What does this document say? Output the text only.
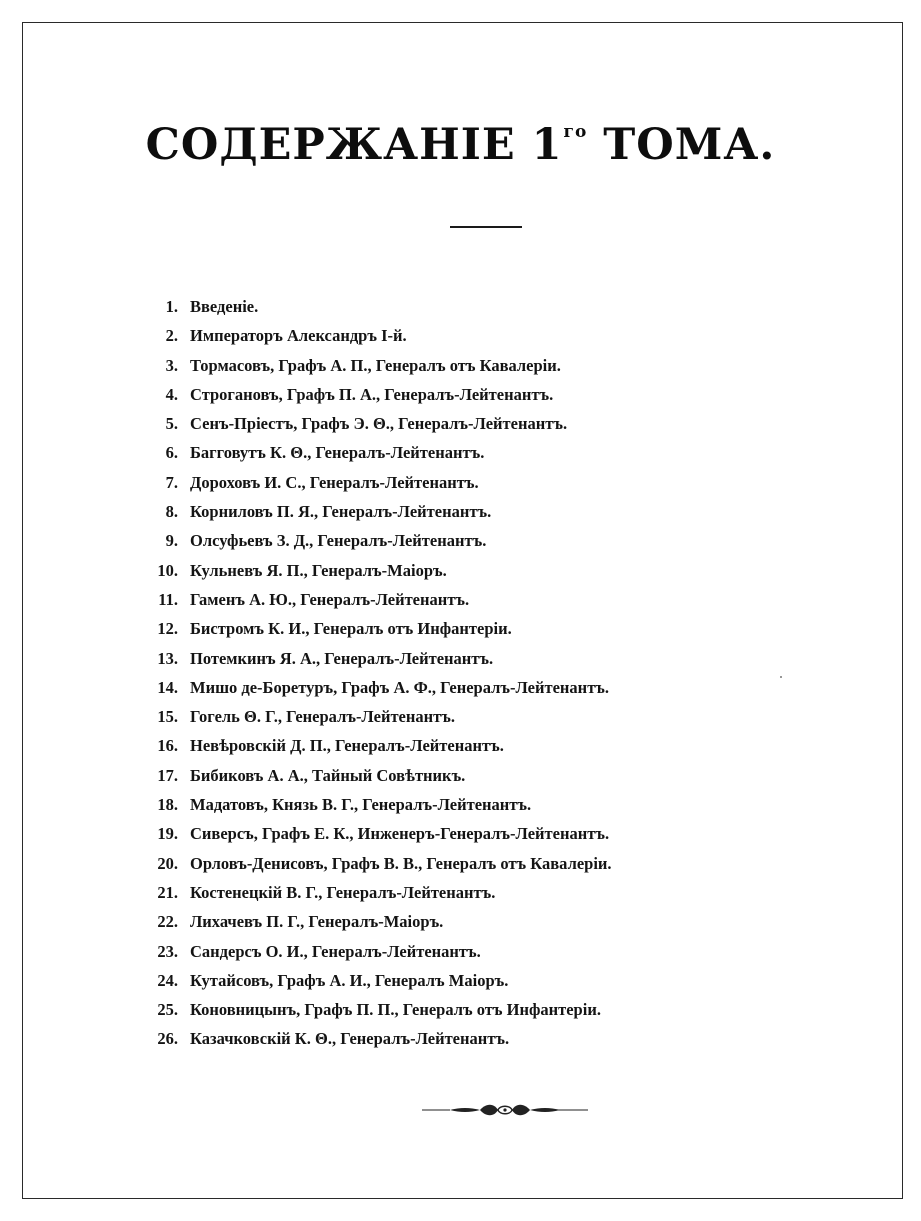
СОДЕРЖАНІЕ $1^{го}$ ТОМА.
1. Введеніе.
2. Императоръ Александръ I-й.
3. Тормасовъ, Графъ А. П., Генералъ отъ Кавалеріи.
4. Строгановъ, Графъ П. А., Генералъ-Лейтенантъ.
5. Сенъ-Пріестъ, Графъ Э. Θ., Генералъ-Лейтенантъ.
6. Багговутъ К. Θ., Генералъ-Лейтенантъ.
7. Дороховъ И. С., Генералъ-Лейтенантъ.
8. Корниловъ П. Я., Генералъ-Лейтенантъ.
9. Олсуфьевъ З. Д., Генералъ-Лейтенантъ.
10. Кульневъ Я. П., Генералъ-Маіоръ.
11. Гаменъ А. Ю., Генералъ-Лейтенантъ.
12. Бистромъ К. И., Генералъ отъ Инфантеріи.
13. Потемкинъ Я. А., Генералъ-Лейтенантъ.
14. Мишо де-Боретуръ, Графъ А. Ф., Генералъ-Лейтенантъ.
15. Гогель Θ. Г., Генералъ-Лейтенантъ.
16. Невѣровскій Д. П., Генералъ-Лейтенантъ.
17. Бибиковъ А. А., Тайный Совѣтникъ.
18. Мадатовъ, Князь В. Г., Генералъ-Лейтенантъ.
19. Сиверсъ, Графъ Е. К., Инженеръ-Генералъ-Лейтенантъ.
20. Орловъ-Денисовъ, Графъ В. В., Генералъ отъ Кавалеріи.
21. Костенецкій В. Г., Генералъ-Лейтенантъ.
22. Лихачевъ П. Г., Генералъ-Маіоръ.
23. Сандерсъ О. И., Генералъ-Лейтенантъ.
24. Кутайсовъ, Графъ А. И., Генералъ Маіоръ.
25. Коновницынъ, Графъ П. П., Генералъ отъ Инфантеріи.
26. Казачковскій К. Θ., Генералъ-Лейтенантъ.
